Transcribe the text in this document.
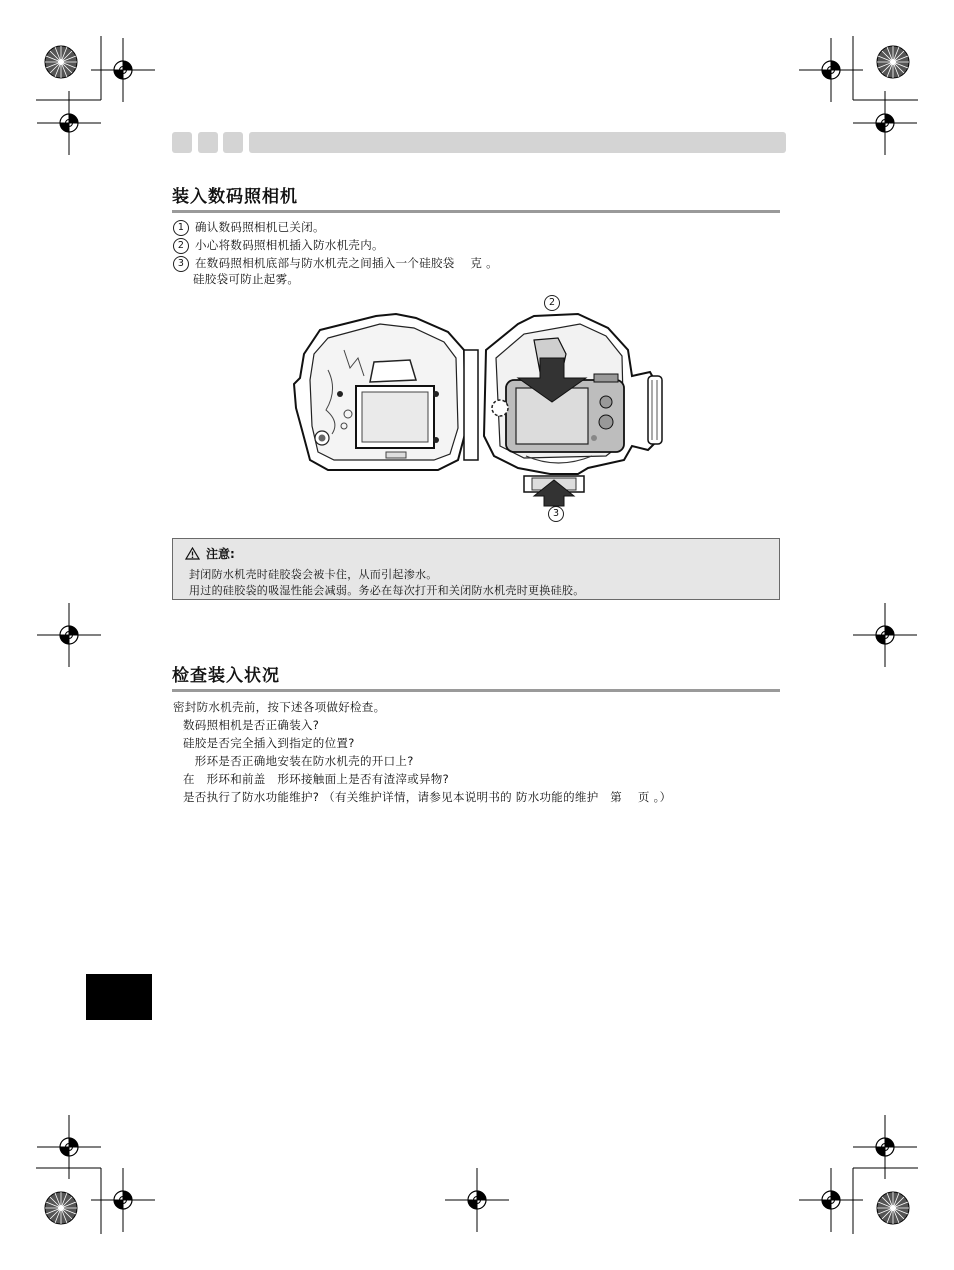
装入数码照相机
1 确认数码照相机已关闭。
2 小心将数码照相机插入防水机壳内。
3 在数码照相机底部与防水机壳之间插入一个硅胶袋　 克 。
硅胶袋可防止起雾。
2
3
注意:
封闭防水机壳时硅胶袋会被卡住，从而引起渗水。
用过的硅胶袋的吸湿性能会减弱。务必在每次打开和关闭防水机壳时更换硅胶。
检查装入状况
密封防水机壳前，按下述各项做好检查。
数码照相机是否正确装入?
硅胶是否完全插入到指定的位置?
　形环是否正确地安装在防水机壳的开口上?
在　形环和前盖　形环接触面上是否有渣滓或异物?
是否执行了防水功能维护? （有关维护详情，请参见本说明书的 防水功能的维护　第　 页 。）
